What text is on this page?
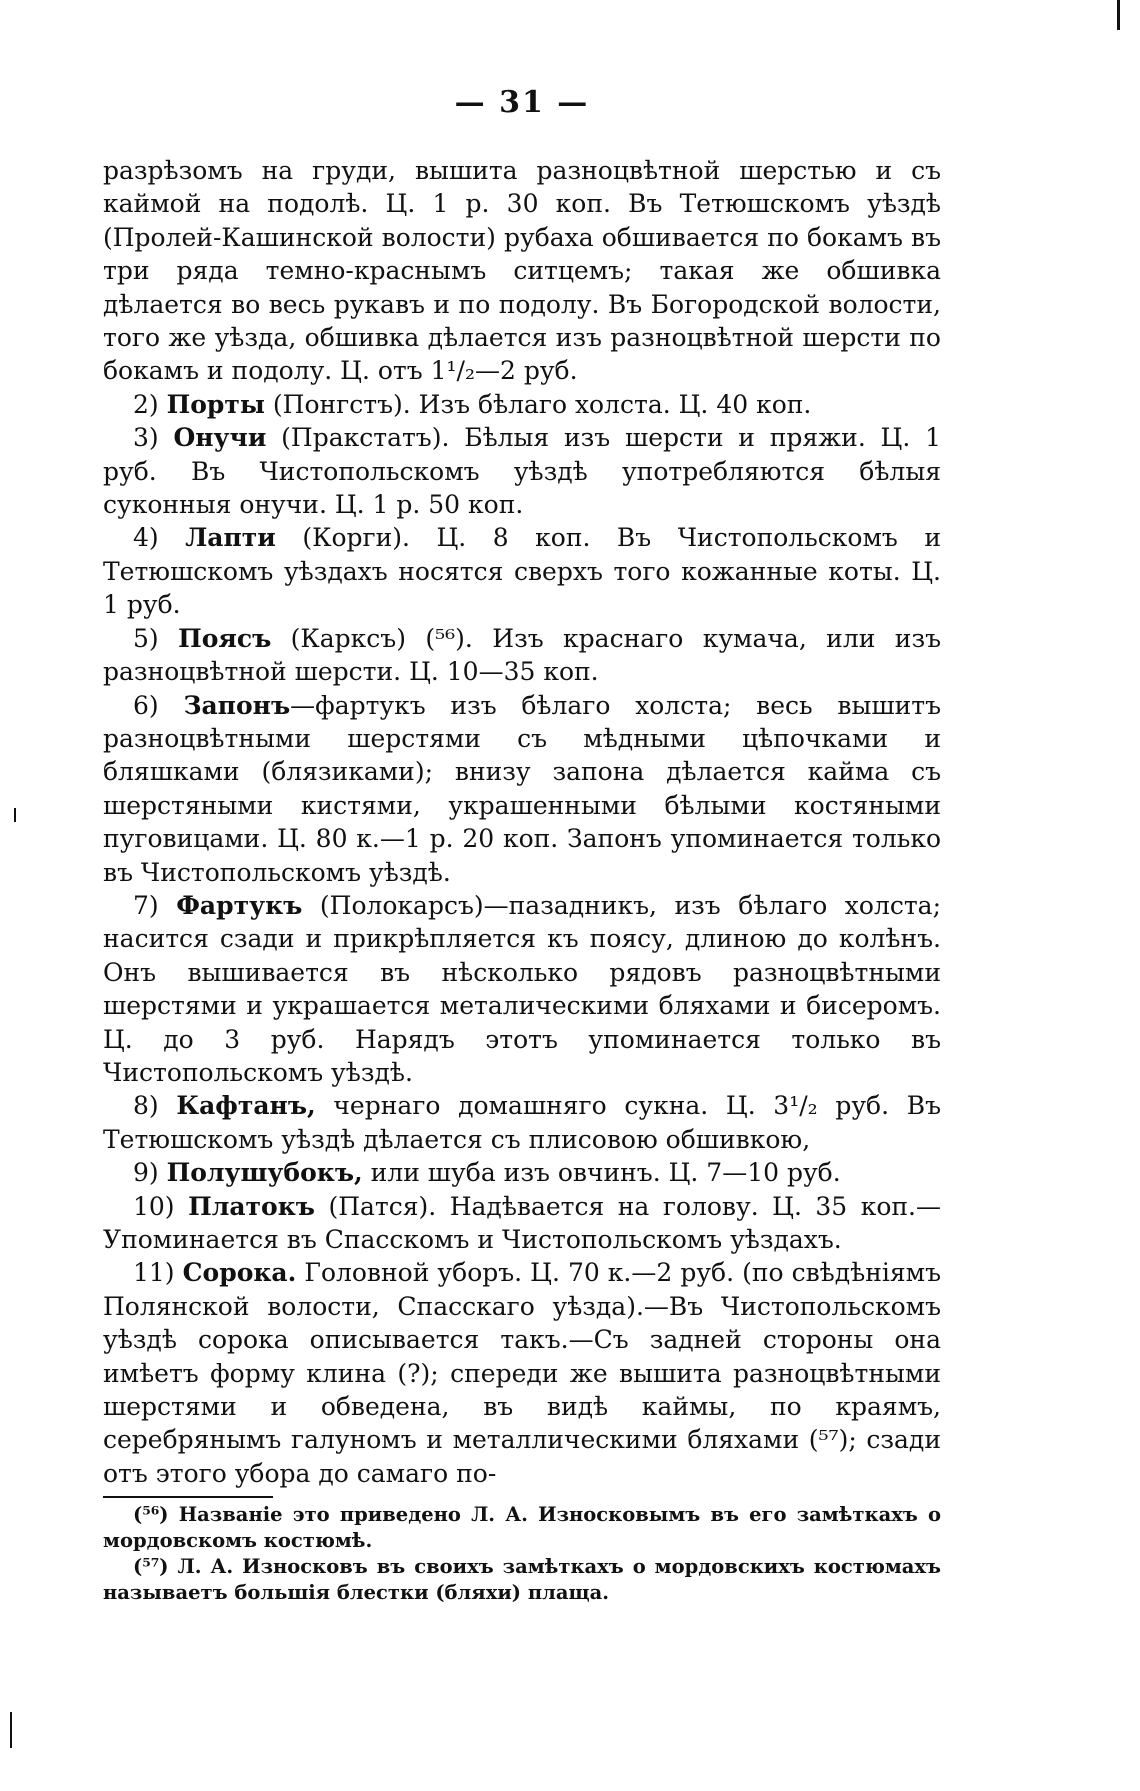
— 31 —

разрѣзомъ на груди, вышита разноцвѣтной шерстью и съ каймой на подолѣ. Ц. 1 р. 30 коп. Въ Тетюшскомъ уѣздѣ (Пролей-Кашинской волости) рубаха обшивается по бокамъ въ три ряда темно-краснымъ ситцемъ; такая же обшивка дѣлается во весь рукавъ и по подолу. Въ Богородской волости, того же уѣзда, обшивка дѣлается изъ разноцвѣтной шерсти по бокамъ и подолу. Ц. отъ 1¹/₂—2 руб.

2) Порты (Понгстъ). Изъ бѣлаго холста. Ц. 40 коп.

3) Онучи (Пракстатъ). Бѣлыя изъ шерсти и пряжи. Ц. 1 руб. Въ Чистопольскомъ уѣздѣ употребляются бѣлыя суконныя онучи. Ц. 1 р. 50 коп.

4) Лапти (Корги). Ц. 8 коп. Въ Чистопольскомъ и Тетюшскомъ уѣздахъ носятся сверхъ того кожанные коты. Ц. 1 руб.

5) Поясъ (Карксъ) (⁵⁶). Изъ краснаго кумача, или изъ разноцвѣтной шерсти. Ц. 10—35 коп.

6) Запонъ—фартукъ изъ бѣлаго холста; весь вышитъ разноцвѣтными шерстями съ мѣдными цѣпочками и бляшками (блязиками); внизу запона дѣлается кайма съ шерстяными кистями, украшенными бѣлыми костяными пуговицами. Ц. 80 к.—1 р. 20 коп. Запонъ упоминается только въ Чистопольскомъ уѣздѣ.

7) Фартукъ (Полокарсъ)—пазадникъ, изъ бѣлаго холста; насится сзади и прикрѣпляется къ поясу, длиною до колѣнъ. Онъ вышивается въ нѣсколько рядовъ разноцвѣтными шерстями и украшается металическими бляхами и бисеромъ. Ц. до 3 руб. Нарядъ этотъ упоминается только въ Чистопольскомъ уѣздѣ.

8) Кафтанъ, чернаго домашняго сукна. Ц. 3¹/₂ руб. Въ Тетюшскомъ уѣздѣ дѣлается съ плисовою обшивкою,

9) Полушубокъ, или шуба изъ овчинъ. Ц. 7—10 руб.

10) Платокъ (Патся). Надѣвается на голову. Ц. 35 коп.—Упоминается въ Спасскомъ и Чистопольскомъ уѣздахъ.

11) Сорока. Головной уборъ. Ц. 70 к.—2 руб. (по свѣдѣніямъ Полянской волости, Спасскаго уѣзда).—Въ Чистопольскомъ уѣздѣ сорока описывается такъ.—Съ задней стороны она имѣетъ форму клина (?); спереди же вышита разноцвѣтными шерстями и обведена, въ видѣ каймы, по краямъ, серебрянымъ галуномъ и металлическими бляхами (⁵⁷); сзади отъ этого убора до самаго по-

(⁵⁶) Названіе это приведено Л. А. Износковымъ въ его замѣткахъ о мордовскомъ костюмѣ.

(⁵⁷) Л. А. Износковъ въ своихъ замѣткахъ о мордовскихъ костюмахъ называетъ большія блестки (бляхи) плаща.
